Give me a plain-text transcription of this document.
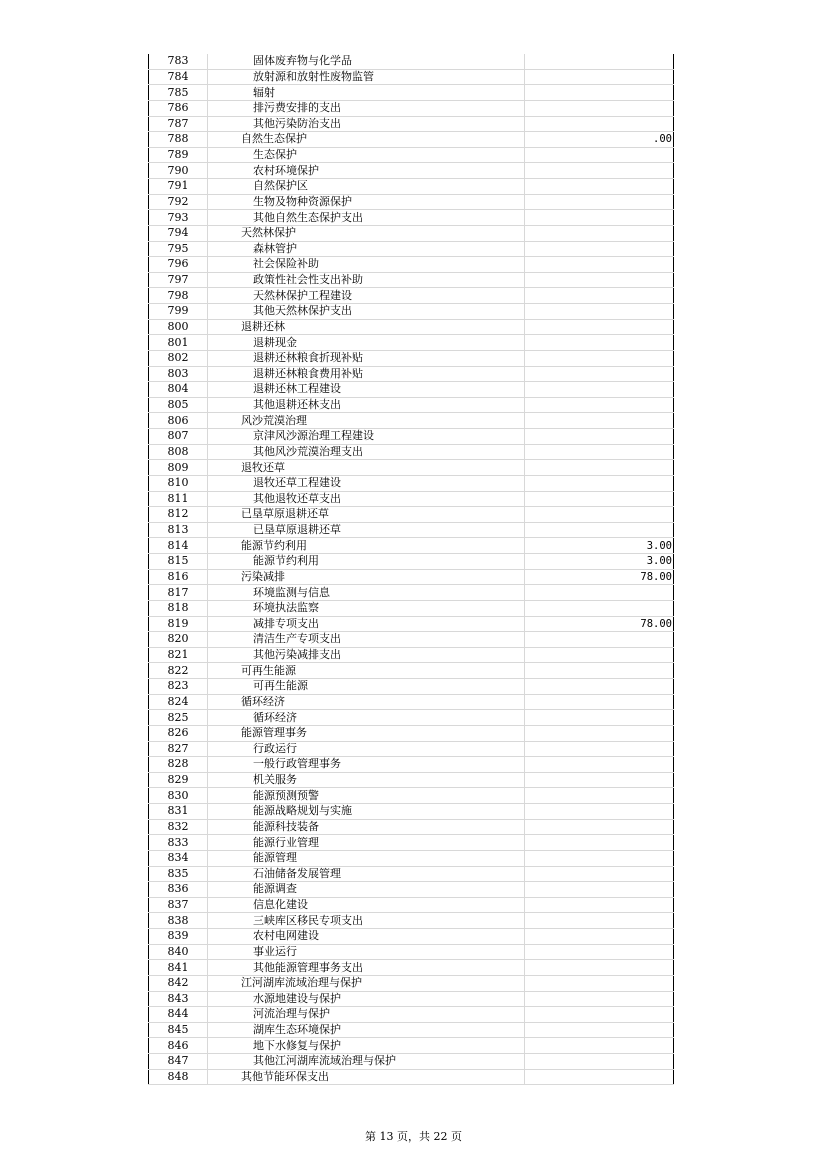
783	固体废弃物与化学品	
784	放射源和放射性废物监管	
785	辐射	
786	排污费安排的支出	
787	其他污染防治支出	
788	自然生态保护	.00
789	生态保护	
790	农村环境保护	
791	自然保护区	
792	生物及物种资源保护	
793	其他自然生态保护支出	
794	天然林保护	
795	森林管护	
796	社会保险补助	
797	政策性社会性支出补助	
798	天然林保护工程建设	
799	其他天然林保护支出	
800	退耕还林	
801	退耕现金	
802	退耕还林粮食折现补贴	
803	退耕还林粮食费用补贴	
804	退耕还林工程建设	
805	其他退耕还林支出	
806	风沙荒漠治理	
807	京津风沙源治理工程建设	
808	其他风沙荒漠治理支出	
809	退牧还草	
810	退牧还草工程建设	
811	其他退牧还草支出	
812	已垦草原退耕还草	
813	已垦草原退耕还草	
814	能源节约利用	3.00
815	能源节约利用	3.00
816	污染减排	78.00
817	环境监测与信息	
818	环境执法监察	
819	减排专项支出	78.00
820	清洁生产专项支出	
821	其他污染减排支出	
822	可再生能源	
823	可再生能源	
824	循环经济	
825	循环经济	
826	能源管理事务	
827	行政运行	
828	一般行政管理事务	
829	机关服务	
830	能源预测预警	
831	能源战略规划与实施	
832	能源科技装备	
833	能源行业管理	
834	能源管理	
835	石油储备发展管理	
836	能源调查	
837	信息化建设	
838	三峡库区移民专项支出	
839	农村电网建设	
840	事业运行	
841	其他能源管理事务支出	
842	江河湖库流域治理与保护	
843	水源地建设与保护	
844	河流治理与保护	
845	湖库生态环境保护	
846	地下水修复与保护	
847	其他江河湖库流域治理与保护	
848	其他节能环保支出	
第 13 页，共 22 页
